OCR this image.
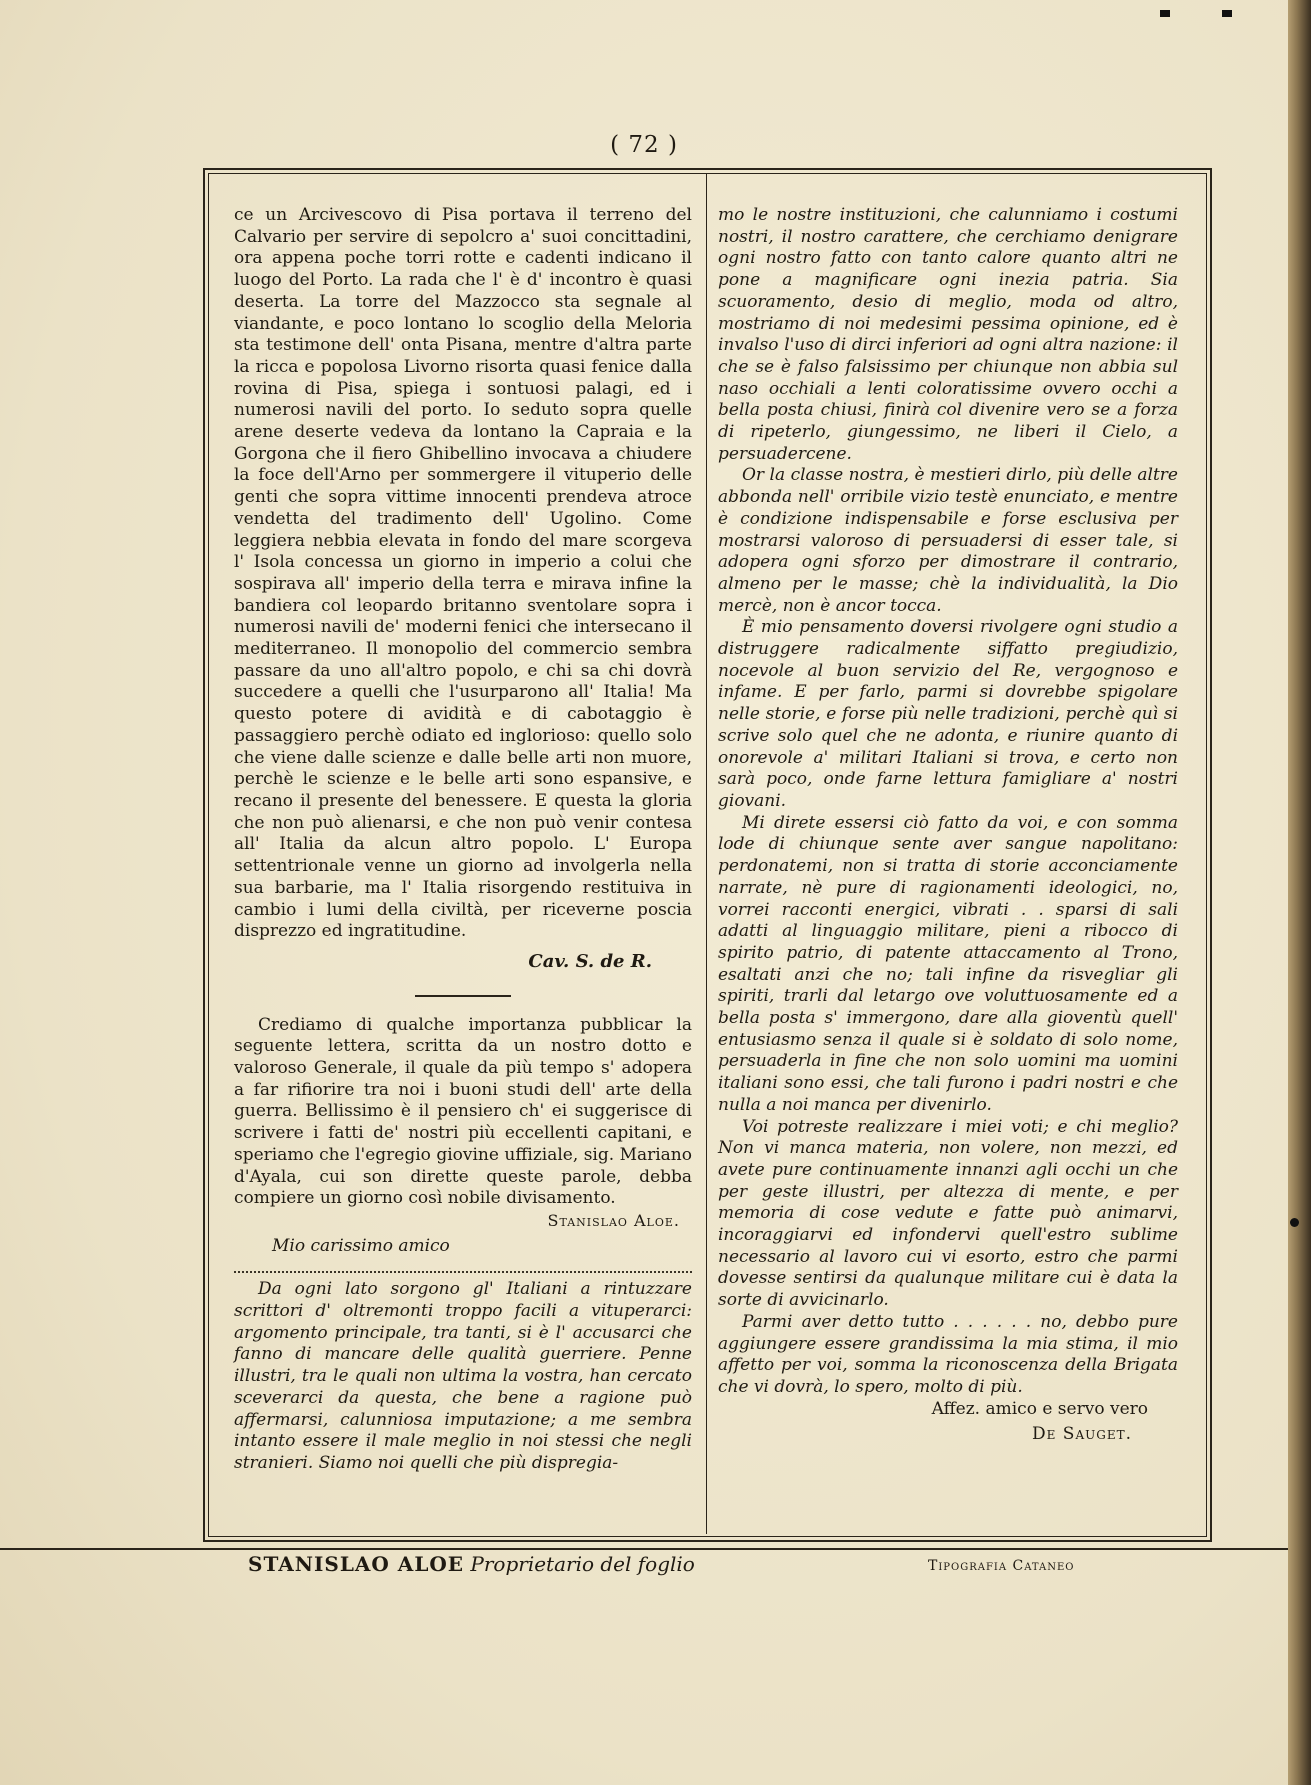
( 72 )

ce un Arcivescovo di Pisa portava il terreno del Calvario per servire di sepolcro a' suoi concittadini, ora appena poche torri rotte e cadenti indicano il luogo del Porto. La rada che l' è d' incontro è quasi deserta. La torre del Mazzocco sta segnale al viandante, e poco lontano lo scoglio della Meloria sta testimone dell' onta Pisana, mentre d'altra parte la ricca e popolosa Livorno risorta quasi fenice dalla rovina di Pisa, spiega i sontuosi palagi, ed i numerosi navili del porto. Io seduto sopra quelle arene deserte vedeva da lontano la Capraia e la Gorgona che il fiero Ghibellino invocava a chiudere la foce dell'Arno per sommergere il vituperio delle genti che sopra vittime innocenti prendeva atroce vendetta del tradimento dell' Ugolino. Come leggiera nebbia elevata in fondo del mare scorgeva l' Isola concessa un giorno in imperio a colui che sospirava all' imperio della terra e mirava infine la bandiera col leopardo britanno sventolare sopra i numerosi navili de' moderni fenici che intersecano il mediterraneo. Il monopolio del commercio sembra passare da uno all'altro popolo, e chi sa chi dovrà succedere a quelli che l'usurparono all' Italia! Ma questo potere di avidità e di cabotaggio è passaggiero perchè odiato ed inglorioso: quello solo che viene dalle scienze e dalle belle arti non muore, perchè le scienze e le belle arti sono espansive, e recano il presente del benessere. E questa la gloria che non può alienarsi, e che non può venir contesa all' Italia da alcun altro popolo. L' Europa settentrionale venne un giorno ad involgerla nella sua barbarie, ma l' Italia risorgendo restituiva in cambio i lumi della civiltà, per riceverne poscia disprezzo ed ingratitudine.

Cav. S. de R.

Crediamo di qualche importanza pubblicar la seguente lettera, scritta da un nostro dotto e valoroso Generale, il quale da più tempo s' adopera a far rifiorire tra noi i buoni studi dell' arte della guerra. Bellissimo è il pensiero ch' ei suggerisce di scrivere i fatti de' nostri più eccellenti capitani, e speriamo che l'egregio giovine uffiziale, sig. Mariano d'Ayala, cui son dirette queste parole, debba compiere un giorno così nobile divisamento.

Stanislao Aloe.

Mio carissimo amico

Da ogni lato sorgono gl' Italiani a rintuzzare scrittori d' oltremonti troppo facili a vituperarci: argomento principale, tra tanti, si è l' accusarci che fanno di mancare delle qualità guerriere. Penne illustri, tra le quali non ultima la vostra, han cercato sceverarci da questa, che bene a ragione può affermarsi, calunniosa imputazione; a me sembra intanto essere il male meglio in noi stessi che negli stranieri. Siamo noi quelli che più dispregia-

mo le nostre instituzioni, che calunniamo i costumi nostri, il nostro carattere, che cerchiamo denigrare ogni nostro fatto con tanto calore quanto altri ne pone a magnificare ogni inezia patria. Sia scuoramento, desio di meglio, moda od altro, mostriamo di noi medesimi pessima opinione, ed è invalso l'uso di dirci inferiori ad ogni altra nazione: il che se è falso falsissimo per chiunque non abbia sul naso occhiali a lenti coloratissime ovvero occhi a bella posta chiusi, finirà col divenire vero se a forza di ripeterlo, giungessimo, ne liberi il Cielo, a persuadercene.

Or la classe nostra, è mestieri dirlo, più delle altre abbonda nell' orribile vizio testè enunciato, e mentre è condizione indispensabile e forse esclusiva per mostrarsi valoroso di persuadersi di esser tale, si adopera ogni sforzo per dimostrare il contrario, almeno per le masse; chè la individualità, la Dio mercè, non è ancor tocca.

È mio pensamento doversi rivolgere ogni studio a distruggere radicalmente siffatto pregiudizio, nocevole al buon servizio del Re, vergognoso e infame. E per farlo, parmi si dovrebbe spigolare nelle storie, e forse più nelle tradizioni, perchè quì si scrive solo quel che ne adonta, e riunire quanto di onorevole a' militari Italiani si trova, e certo non sarà poco, onde farne lettura famigliare a' nostri giovani.

Mi direte essersi ciò fatto da voi, e con somma lode di chiunque sente aver sangue napolitano: perdonatemi, non si tratta di storie acconciamente narrate, nè pure di ragionamenti ideologici, no, vorrei racconti energici, vibrati . . sparsi di sali adatti al linguaggio militare, pieni a ribocco di spirito patrio, di patente attaccamento al Trono, esaltati anzi che no; tali infine da risvegliar gli spiriti, trarli dal letargo ove voluttuosamente ed a bella posta s' immergono, dare alla gioventù quell' entusiasmo senza il quale si è soldato di solo nome, persuaderla in fine che non solo uomini ma uomini italiani sono essi, che tali furono i padri nostri e che nulla a noi manca per divenirlo.

Voi potreste realizzare i miei voti; e chi meglio? Non vi manca materia, non volere, non mezzi, ed avete pure continuamente innanzi agli occhi un che per geste illustri, per altezza di mente, e per memoria di cose vedute e fatte può animarvi, incoraggiarvi ed infondervi quell'estro sublime necessario al lavoro cui vi esorto, estro che parmi dovesse sentirsi da qualunque militare cui è data la sorte di avvicinarlo.

Parmi aver detto tutto . . . . . . no, debbo pure aggiungere essere grandissima la mia stima, il mio affetto per voi, somma la riconoscenza della Brigata che vi dovrà, lo spero, molto di più.

Affez. amico e servo vero

De Sauget.

STANISLAO ALOE Proprietario del foglio	Tipografia Cataneo
